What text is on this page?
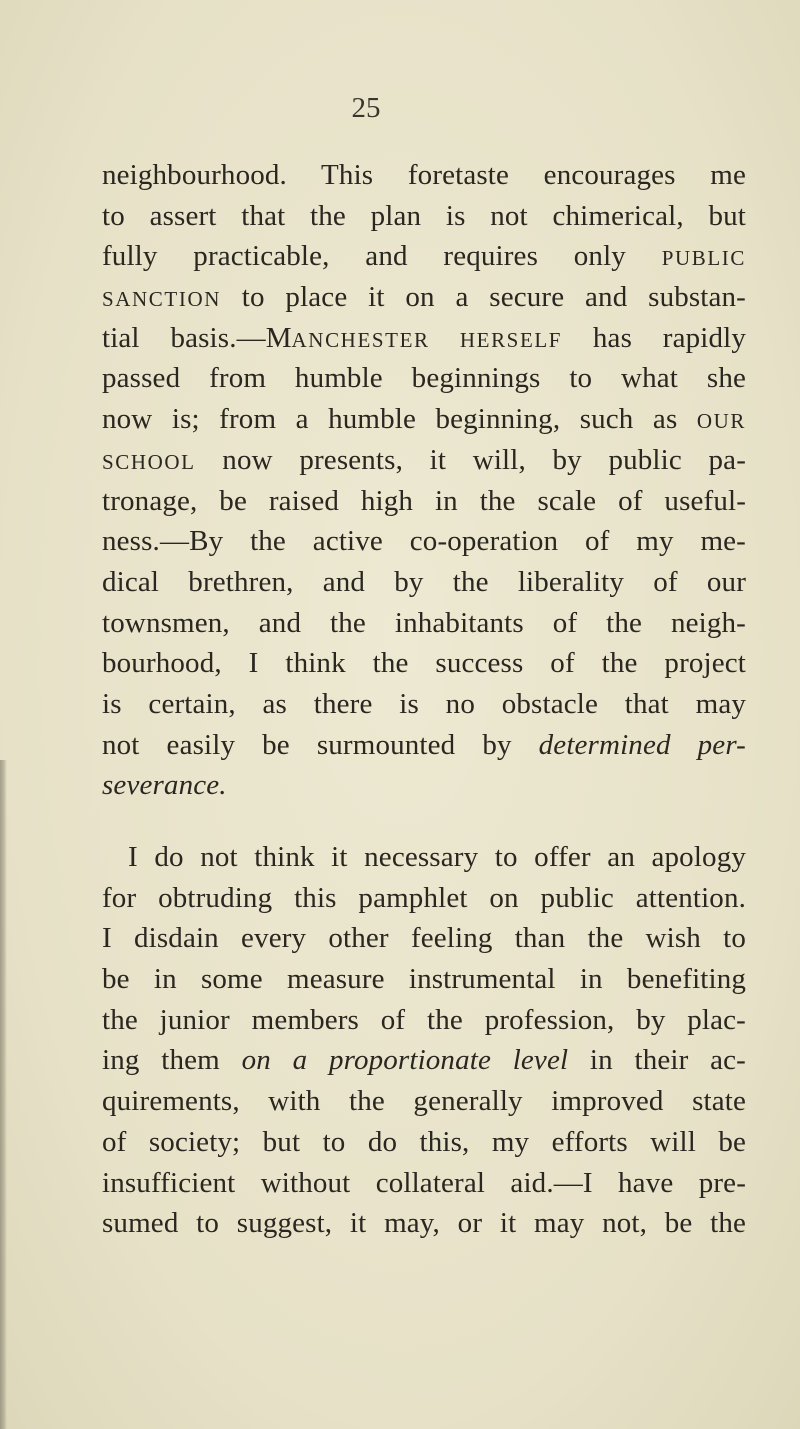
25
neighbourhood. This foretaste encourages me
to assert that the plan is not chimerical, but
fully practicable, and requires only PUBLIC
SANCTION to place it on a secure and substan-
tial basis.—MANCHESTER HERSELF has rapidly
passed from humble beginnings to what she
now is; from a humble beginning, such as OUR
SCHOOL now presents, it will, by public pa-
tronage, be raised high in the scale of useful-
ness.—By the active co-operation of my me-
dical brethren, and by the liberality of our
townsmen, and the inhabitants of the neigh-
bourhood, I think the success of the project
is certain, as there is no obstacle that may
not easily be surmounted by determined per-
severance.
I do not think it necessary to offer an apology
for obtruding this pamphlet on public attention.
I disdain every other feeling than the wish to
be in some measure instrumental in benefiting
the junior members of the profession, by plac-
ing them on a proportionate level in their ac-
quirements, with the generally improved state
of society; but to do this, my efforts will be
insufficient without collateral aid.—I have pre-
sumed to suggest, it may, or it may not, be the
